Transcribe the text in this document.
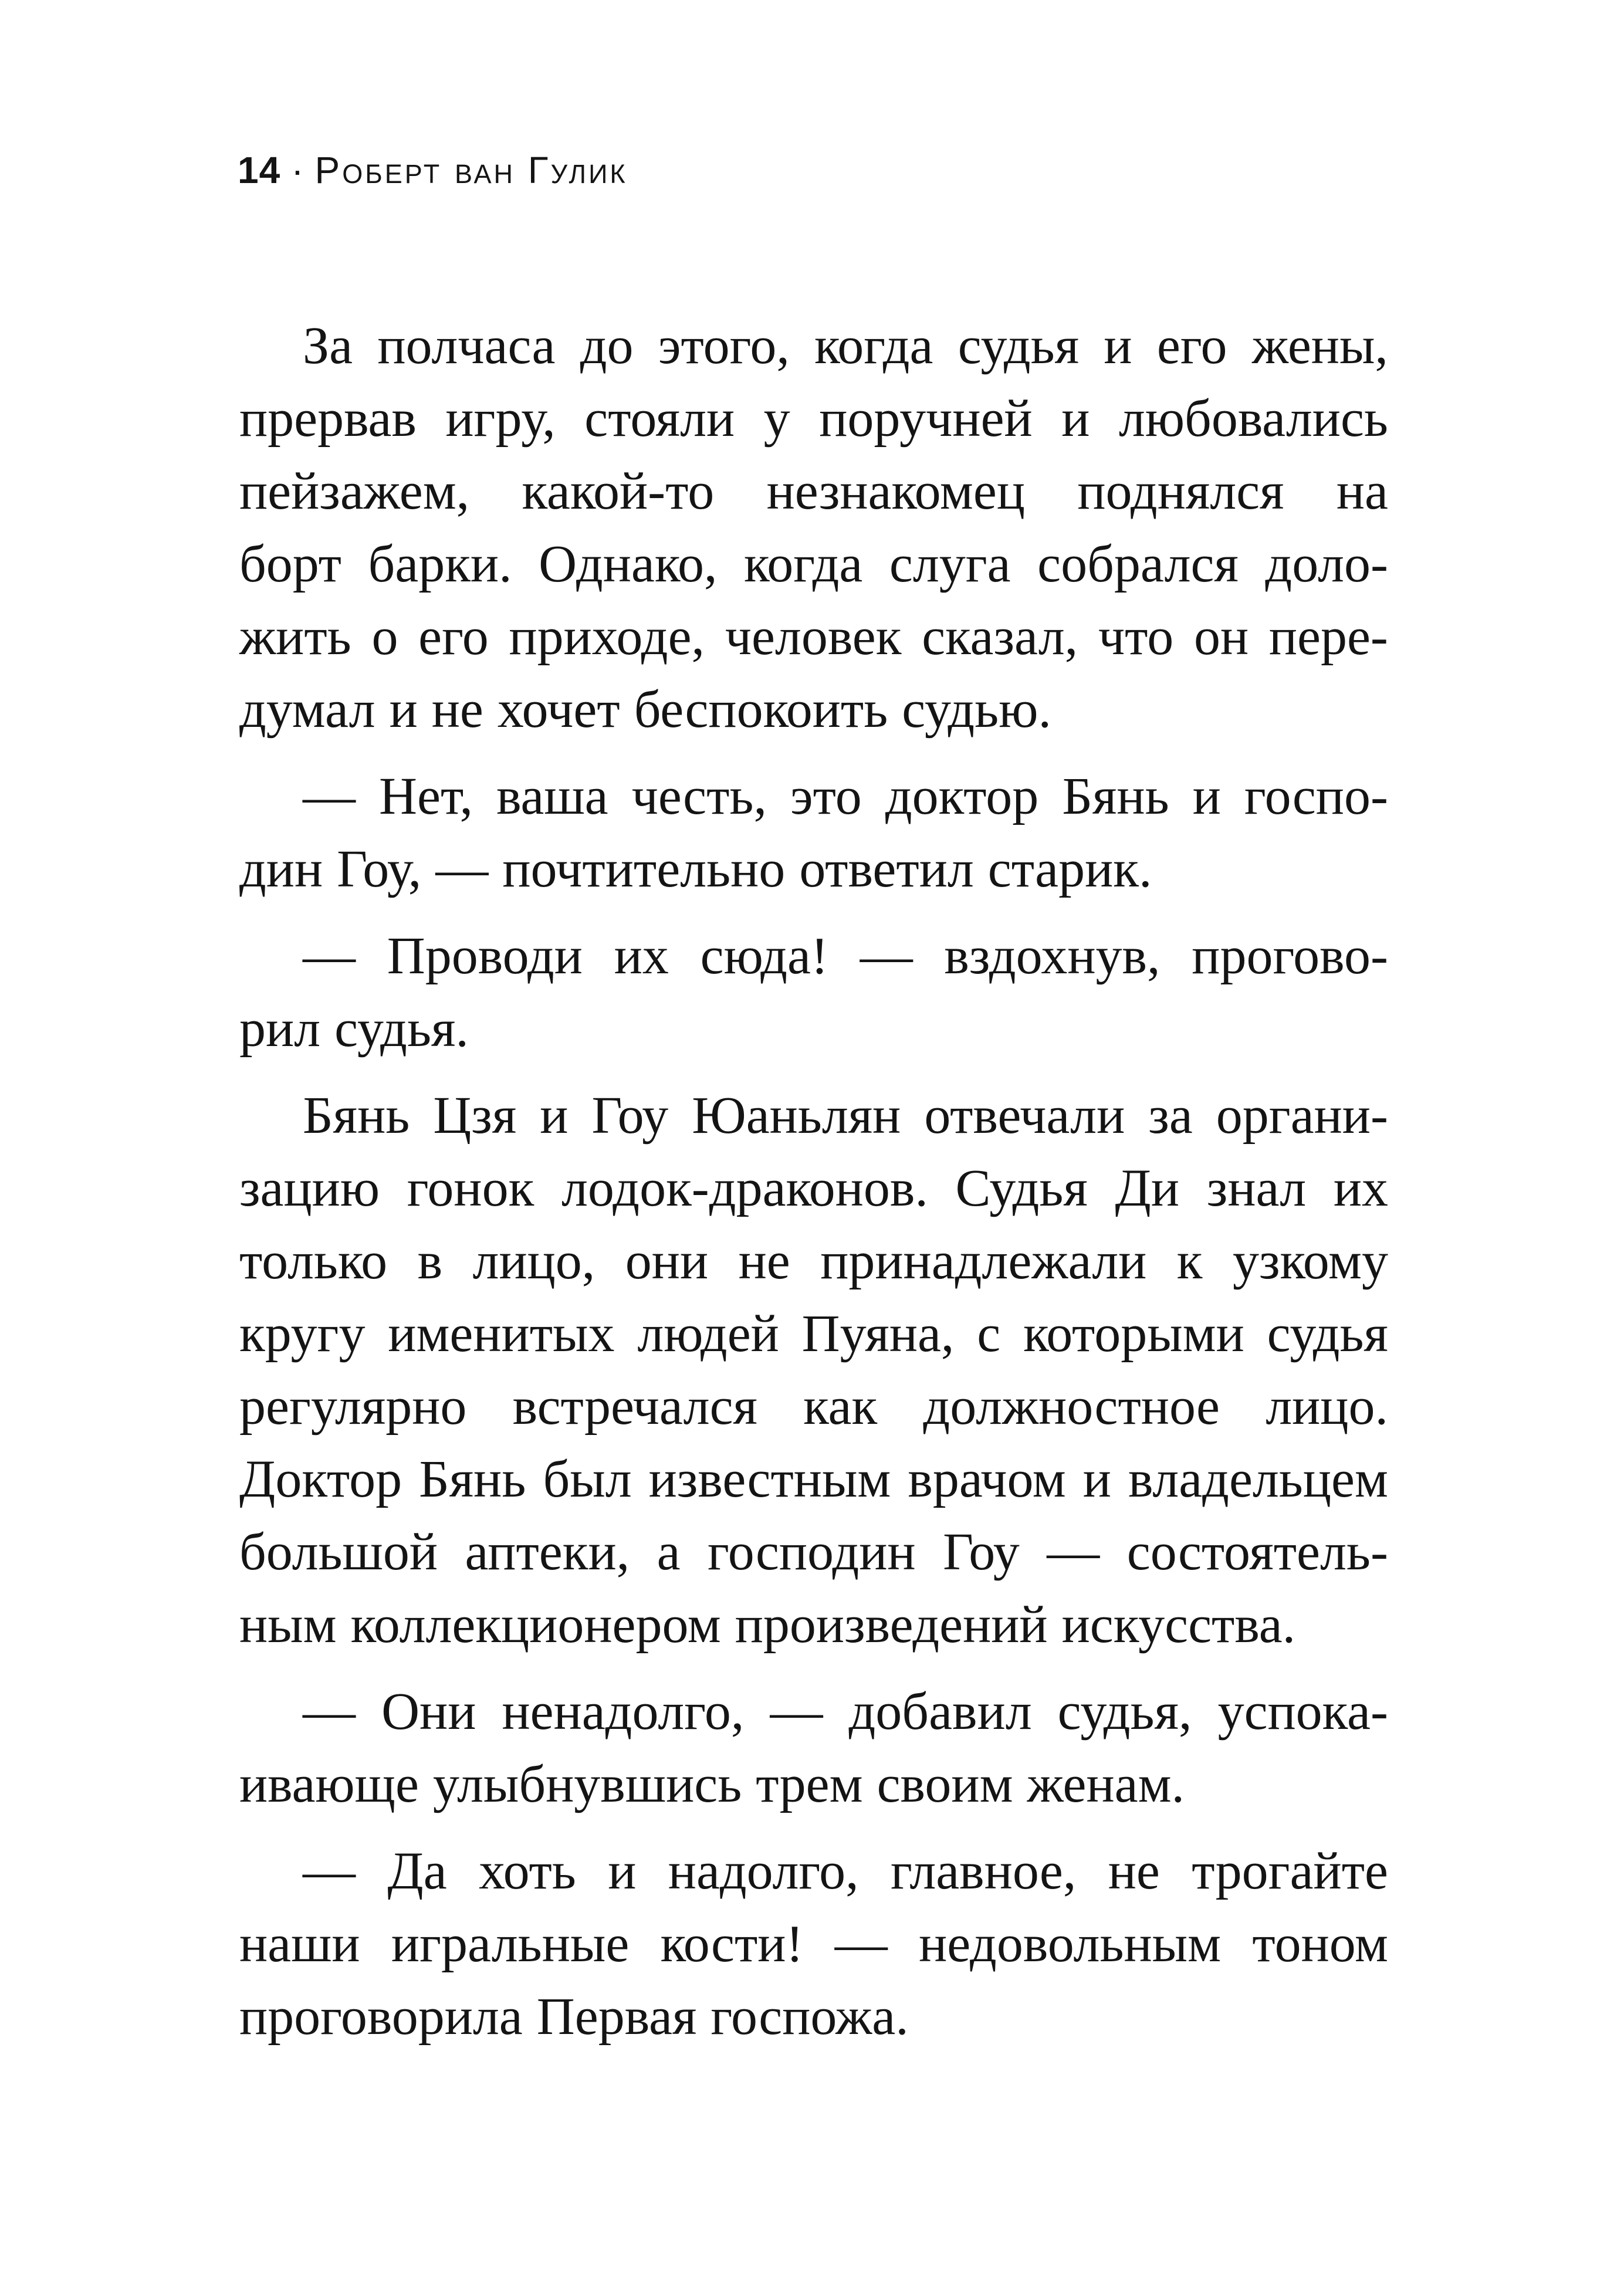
14 · Роберт ван Гулик
За полчаса до этого, когда судья и его жены,
прервав игру, стояли у поручней и любовались
пейзажем, какой-то незнакомец поднялся на
борт барки. Однако, когда слуга собрался доло-
жить о его приходе, человек сказал, что он пере-
думал и не хочет беспокоить судью.
— Нет, ваша честь, это доктор Бянь и госпо-
дин Гоу, — почтительно ответил старик.
— Проводи их сюда! — вздохнув, прогово-
рил судья.
Бянь Цзя и Гоу Юаньлян отвечали за органи-
зацию гонок лодок-драконов. Судья Ди знал их
только в лицо, они не принадлежали к узкому
кругу именитых людей Пуяна, с которыми судья
регулярно встречался как должностное лицо.
Доктор Бянь был известным врачом и владельцем
большой аптеки, а господин Гоу — состоятель-
ным коллекционером произведений искусства.
— Они ненадолго, — добавил судья, успока-
ивающе улыбнувшись трем своим женам.
— Да хоть и надолго, главное, не трогайте
наши игральные кости! — недовольным тоном
проговорила Первая госпожа.
